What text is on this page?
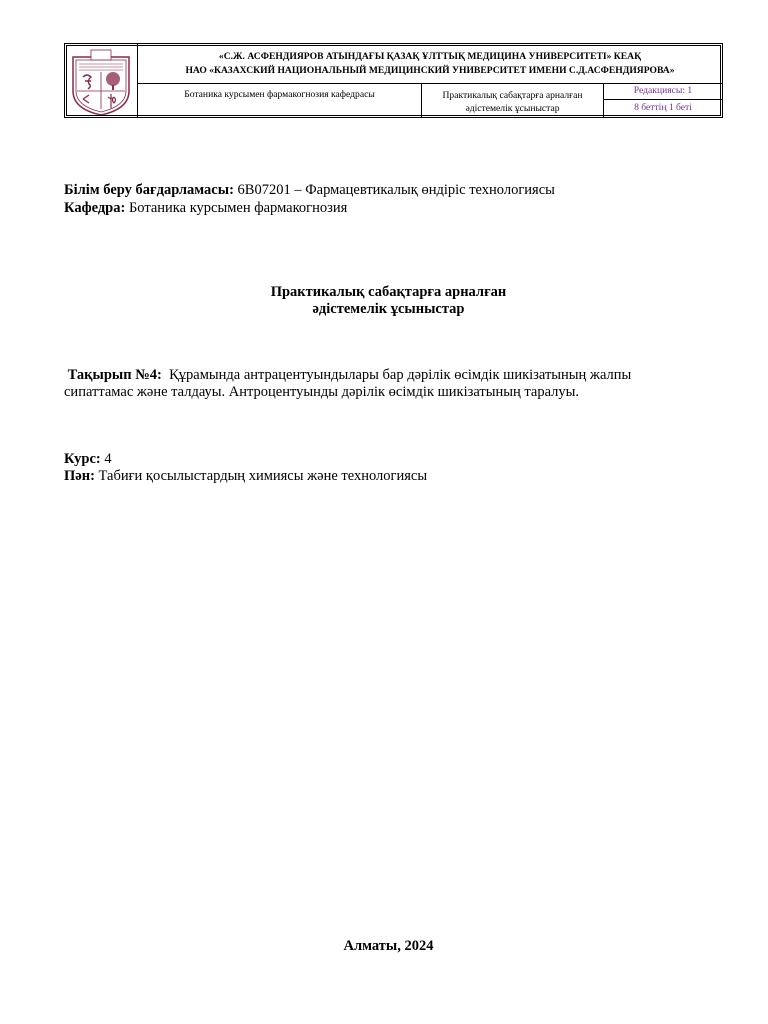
«С.Ж. АСФЕНДИЯРОВ АТЫНДАҒЫ ҚАЗАҚ ҰЛТТЫҚ МЕДИЦИНА УНИВЕРСИТЕТІ» КЕАҚ
НАО «КАЗАХСКИЙ НАЦИОНАЛЬНЫЙ МЕДИЦИНСКИЙ УНИВЕРСИТЕТ ИМЕНИ С.Д.АСФЕНДИЯРОВА»
Ботаника курсымен фармакогнозия кафедрасы	Практикалық сабақтарға арналған
әдістемелік ұсыныстар
Редакциясы: 1
8 беттің 1 беті
Білім беру бағдарламасы: 6В07201 – Фармацевтикалық өндіріс технологиясы
Кафедра: Ботаника курсымен фармакогнозия
Практикалық сабақтарға арналған
әдістемелік ұсыныстар
Тақырып №4:  Құрамында антрацентуындылары бар дәрілік өсімдік шикізатының жалпы
сипаттамас және талдауы. Антроцентуынды дәрілік өсімдік шикізатының таралуы.
Курс: 4
Пән: Табиғи қосылыстардың химиясы және технологиясы
Алматы, 2024
